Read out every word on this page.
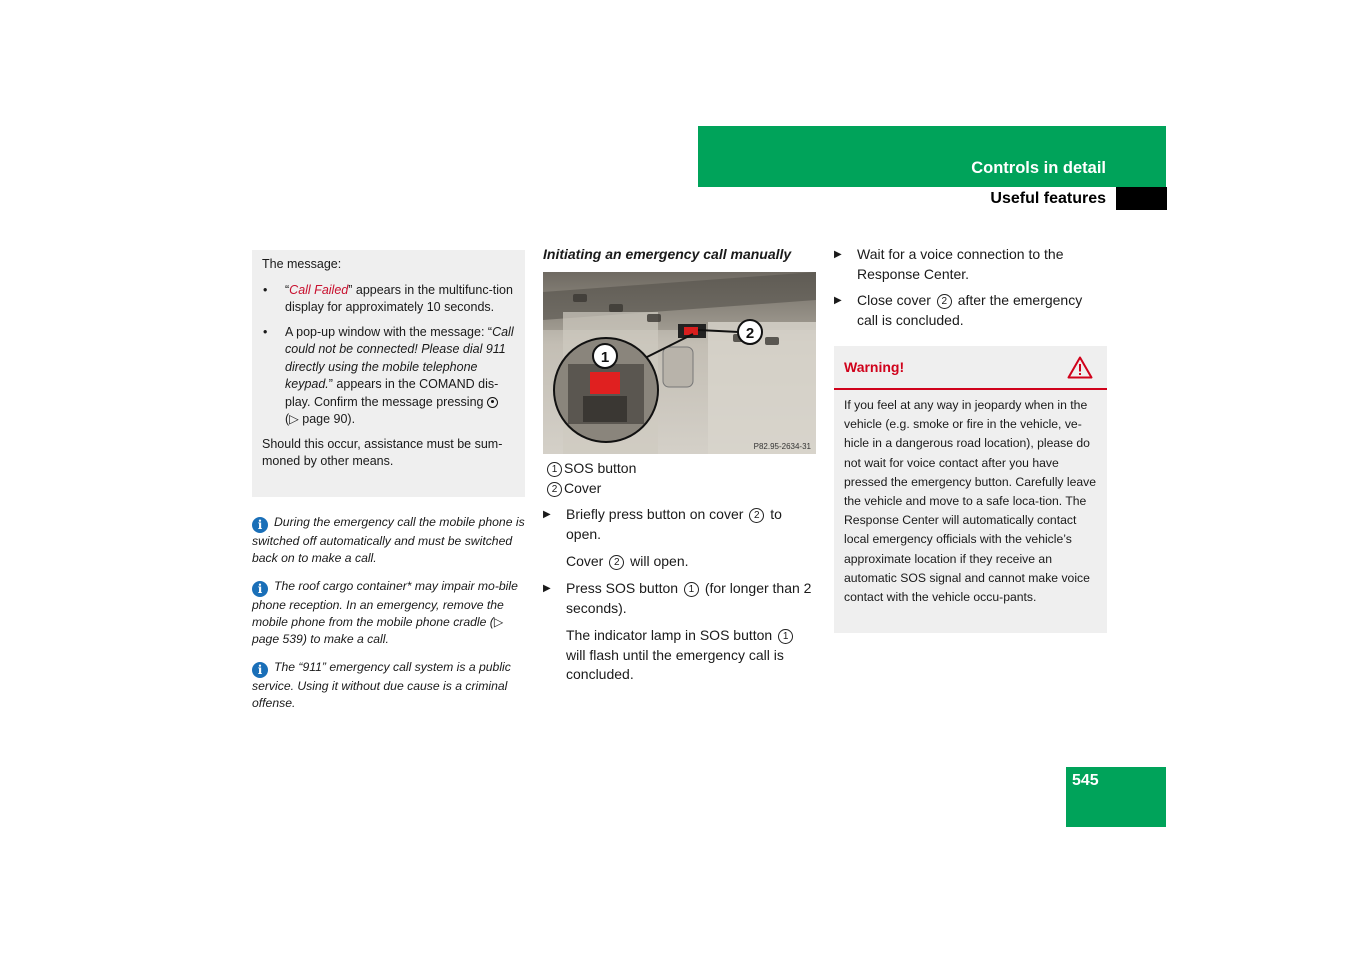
Controls in detail
Useful features

The message:

• “Call Failed” appears in the multifunc-tion display for approximately 10 seconds.
• A pop-up window with the message: “Call could not be connected! Please dial 911 directly using the mobile telephone keypad.” appears in the COMAND dis-play. Confirm the message pressing  (▷ page 90).

Should this occur, assistance must be sum-moned by other means.

i During the emergency call the mobile phone is switched off automatically and must be switched back on to make a call.
i The roof cargo container* may impair mo-bile phone reception. In an emergency, remove the mobile phone from the mobile phone cradle (▷ page 539) to make a call.
i The “911” emergency call system is a public service. Using it without due cause is a criminal offense.
Initiating an emergency call manually
2
1
P82.95-2634-31
1 SOS button
2 Cover
▶ Briefly press button on cover 2 to open.
Cover 2 will open.
▶ Press SOS button 1 (for longer than 2 seconds).
The indicator lamp in SOS button 1 will flash until the emergency call is concluded.
▶ Wait for a voice connection to the Response Center.
▶ Close cover 2 after the emergency call is concluded.
Warning!
If you feel at any way in jeopardy when in the vehicle (e.g. smoke or fire in the vehicle, ve-hicle in a dangerous road location), please do not wait for voice contact after you have pressed the emergency button. Carefully leave the vehicle and move to a safe loca-tion. The Response Center will automatically contact local emergency officials with the vehicle’s approximate location if they receive an automatic SOS signal and cannot make voice contact with the vehicle occu-pants.
545
